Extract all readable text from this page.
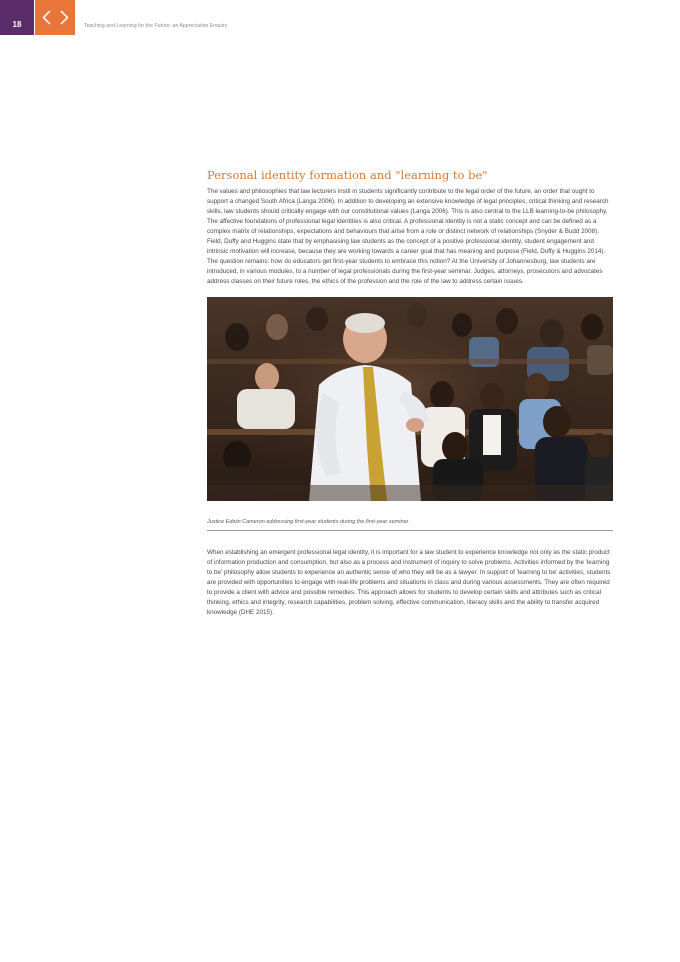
18	Teaching and Learning for the Future: an Appreciative Enquiry
Personal identity formation and "learning to be"

The values and philosophies that law lecturers instil in students significantly contribute to the legal order of the future, an order that ought to support a changed South Africa (Langa 2006). In addition to developing an extensive knowledge of legal principles, critical thinking and research skills, law students should critically engage with our constitutional values (Langa 2006). This is also central to the LLB learning-to-be philosophy. The affective foundations of professional legal identities is also critical. A professional identity is not a static concept and can be defined as a complex matrix of relationships, expectations and behaviours that arise from a role or distinct network of relationships (Snyder & Budd 2008). Field, Duffy and Huggins state that by emphasising law students as the concept of a positive professional identity, student engagement and intrinsic motivation will increase, because they are working towards a career goal that has meaning and purpose (Field, Duffy & Huggins 2014). The question remains: how do educators get first-year students to embrace this notion? At the University of Johannesburg, law students are introduced, in various modules, to a number of legal professionals during the first-year seminar. Judges, attorneys, prosecutors and advocates address classes on their future roles, the ethics of the profession and the role of the law to address certain issues.

Justice Edwin Cameron addressing first-year students during the first-year seminar

When establishing an emergent professional legal identity, it is important for a law student to experience knowledge not only as the static product of information production and consumption, but also as a process and instrument of inquiry to solve problems. Activities informed by the 'learning to be' philosophy allow students to experience an authentic sense of who they will be as a lawyer. In support of 'learning to be' activities, students are provided with opportunities to engage with real-life problems and situations in class and during various assessments. They are often required to provide a client with advice and possible remedies. This approach allows for students to develop certain skills and attributes such as critical thinking, ethics and integrity, research capabilities, problem solving, effective communication, literacy skills and the ability to transfer acquired knowledge (DHE 2015).
